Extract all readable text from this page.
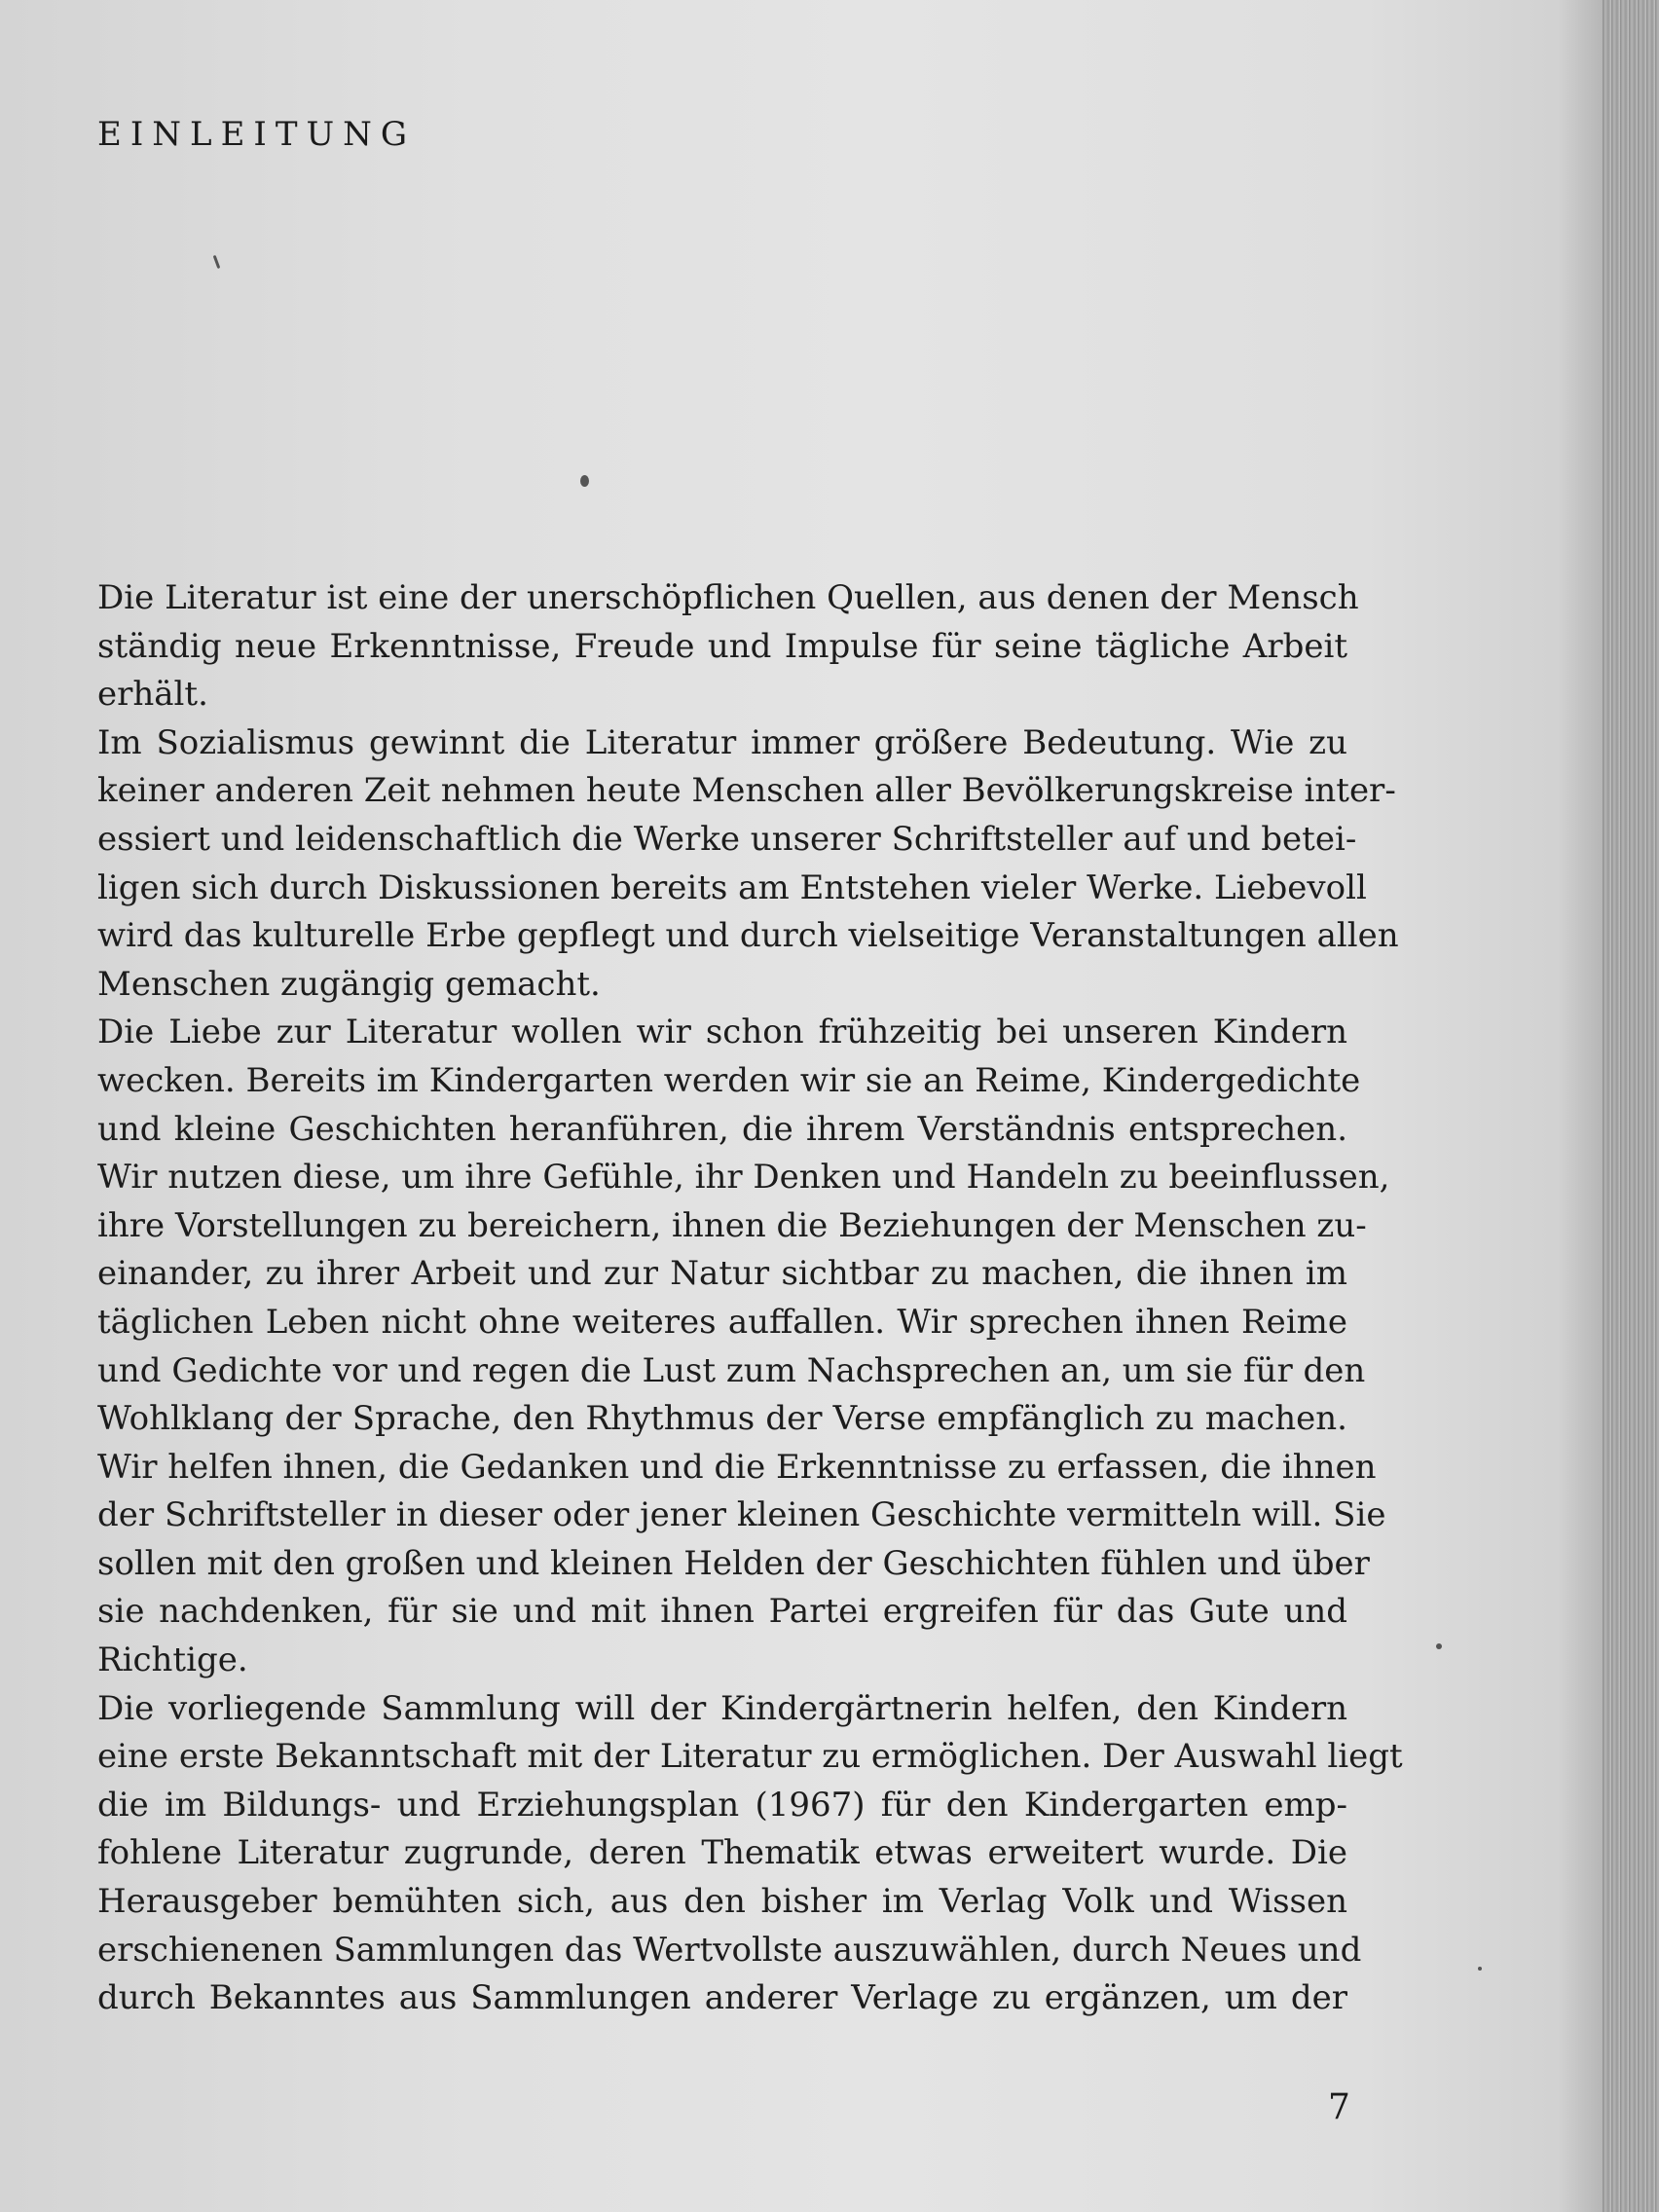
EINLEITUNG
Die Literatur ist eine der unerschöpflichen Quellen, aus denen der Mensch
ständig neue Erkenntnisse, Freude und Impulse für seine tägliche Arbeit
erhält.
Im Sozialismus gewinnt die Literatur immer größere Bedeutung. Wie zu
keiner anderen Zeit nehmen heute Menschen aller Bevölkerungskreise inter-
essiert und leidenschaftlich die Werke unserer Schriftsteller auf und betei-
ligen sich durch Diskussionen bereits am Entstehen vieler Werke. Liebevoll
wird das kulturelle Erbe gepflegt und durch vielseitige Veranstaltungen allen
Menschen zugängig gemacht.
Die Liebe zur Literatur wollen wir schon frühzeitig bei unseren Kindern
wecken. Bereits im Kindergarten werden wir sie an Reime, Kindergedichte
und kleine Geschichten heranführen, die ihrem Verständnis entsprechen.
Wir nutzen diese, um ihre Gefühle, ihr Denken und Handeln zu beeinflussen,
ihre Vorstellungen zu bereichern, ihnen die Beziehungen der Menschen zu-
einander, zu ihrer Arbeit und zur Natur sichtbar zu machen, die ihnen im
täglichen Leben nicht ohne weiteres auffallen. Wir sprechen ihnen Reime
und Gedichte vor und regen die Lust zum Nachsprechen an, um sie für den
Wohlklang der Sprache, den Rhythmus der Verse empfänglich zu machen.
Wir helfen ihnen, die Gedanken und die Erkenntnisse zu erfassen, die ihnen
der Schriftsteller in dieser oder jener kleinen Geschichte vermitteln will. Sie
sollen mit den großen und kleinen Helden der Geschichten fühlen und über
sie nachdenken, für sie und mit ihnen Partei ergreifen für das Gute und
Richtige.
Die vorliegende Sammlung will der Kindergärtnerin helfen, den Kindern
eine erste Bekanntschaft mit der Literatur zu ermöglichen. Der Auswahl liegt
die im Bildungs- und Erziehungsplan (1967) für den Kindergarten emp-
fohlene Literatur zugrunde, deren Thematik etwas erweitert wurde. Die
Herausgeber bemühten sich, aus den bisher im Verlag Volk und Wissen
erschienenen Sammlungen das Wertvollste auszuwählen, durch Neues und
durch Bekanntes aus Sammlungen anderer Verlage zu ergänzen, um der
7
